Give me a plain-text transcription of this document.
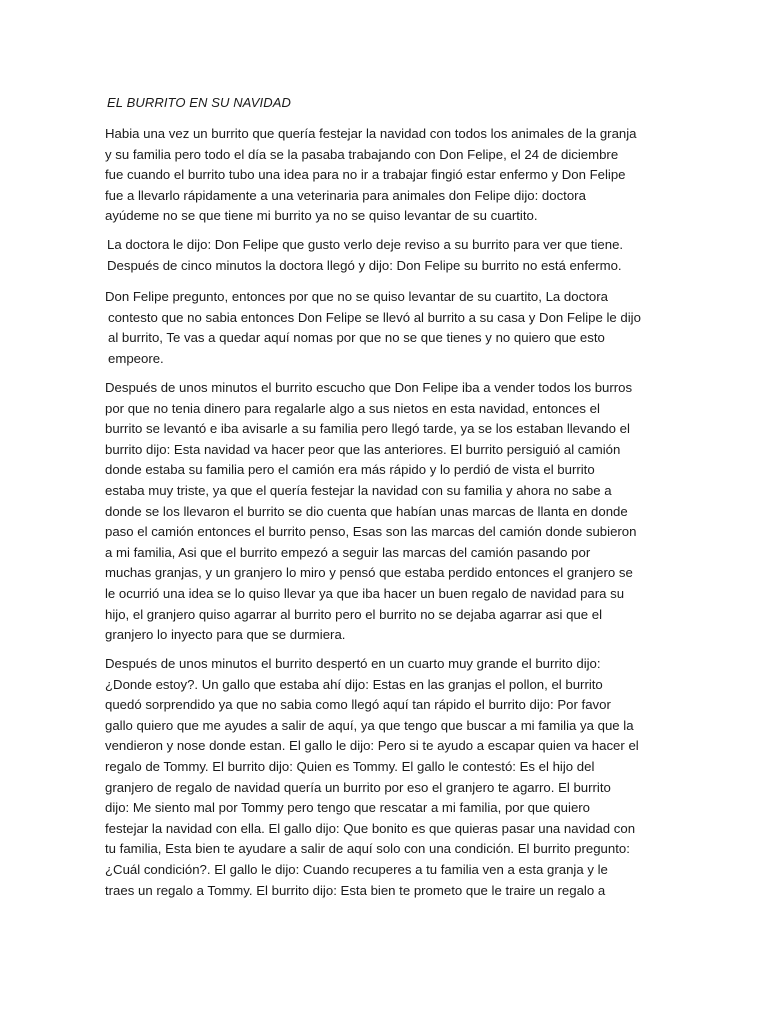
EL BURRITO EN SU NAVIDAD
Habia una vez un burrito que quería festejar la navidad con todos los animales de la granja
y su familia pero todo el día se la pasaba trabajando con Don Felipe, el 24 de diciembre
fue cuando el burrito tubo una idea para no ir a trabajar fingió estar enfermo y Don Felipe
fue a llevarlo rápidamente a una veterinaria para animales don Felipe dijo: doctora
ayúdeme no se que tiene mi burrito ya no se quiso levantar de su cuartito.
La doctora le dijo: Don Felipe que gusto verlo deje reviso a su burrito para ver que tiene.
Después de cinco minutos la doctora llegó y dijo: Don Felipe su burrito no está enfermo.
Don Felipe pregunto, entonces por que no se quiso levantar de su cuartito, La doctora
contesto que no sabia entonces Don Felipe se llevó al burrito a su casa y Don Felipe le dijo
al burrito, Te vas a quedar aquí nomas por que no se que tienes y no quiero que esto
empeore.
Después de unos minutos el burrito escucho que Don Felipe iba a vender todos los burros
por que no tenia dinero para regalarle algo a sus nietos en esta navidad, entonces el
burrito se levantó e iba avisarle a su familia pero llegó tarde, ya se los estaban llevando el
burrito dijo: Esta navidad va hacer peor que las anteriores. El burrito persiguió al camión
donde estaba su familia pero el camión era más rápido y lo perdió de vista el burrito
estaba muy triste, ya que el quería festejar la navidad con su familia y ahora no sabe a
donde se los llevaron el burrito se dio cuenta que habían unas marcas de llanta en donde
paso el camión entonces el burrito penso, Esas son las marcas del camión donde subieron
a mi familia, Asi que el burrito empezó a seguir las marcas del camión pasando por
muchas granjas, y un granjero lo miro y pensó que estaba perdido entonces el granjero se
le ocurrió una idea se lo quiso llevar ya que iba hacer un buen regalo de navidad para su
hijo, el granjero quiso agarrar al burrito pero el burrito no se dejaba agarrar asi que el
granjero lo inyecto para que se durmiera.
Después de unos minutos el burrito despertó en un cuarto muy grande el burrito dijo:
¿Donde estoy?. Un gallo que estaba ahí dijo: Estas en las granjas el pollon, el burrito
quedó sorprendido ya que no sabia como llegó aquí tan rápido el burrito dijo: Por favor
gallo quiero que me ayudes a salir de aquí, ya que tengo que buscar a mi familia ya que la
vendieron y nose donde estan. El gallo le dijo: Pero si te ayudo a escapar quien va hacer el
regalo de Tommy. El burrito dijo: Quien es Tommy. El gallo le contestó: Es el hijo del
granjero de regalo de navidad quería un burrito por eso el granjero te agarro. El burrito
dijo: Me siento mal por Tommy pero tengo que rescatar a mi familia, por que quiero
festejar la navidad con ella. El gallo dijo: Que bonito es que quieras pasar una navidad con
tu familia, Esta bien te ayudare a salir de aquí solo con una condición. El burrito pregunto:
¿Cuál condición?. El gallo le dijo: Cuando recuperes a tu familia ven a esta granja y le
traes un regalo a Tommy. El burrito dijo: Esta bien te prometo que le traire un regalo a
